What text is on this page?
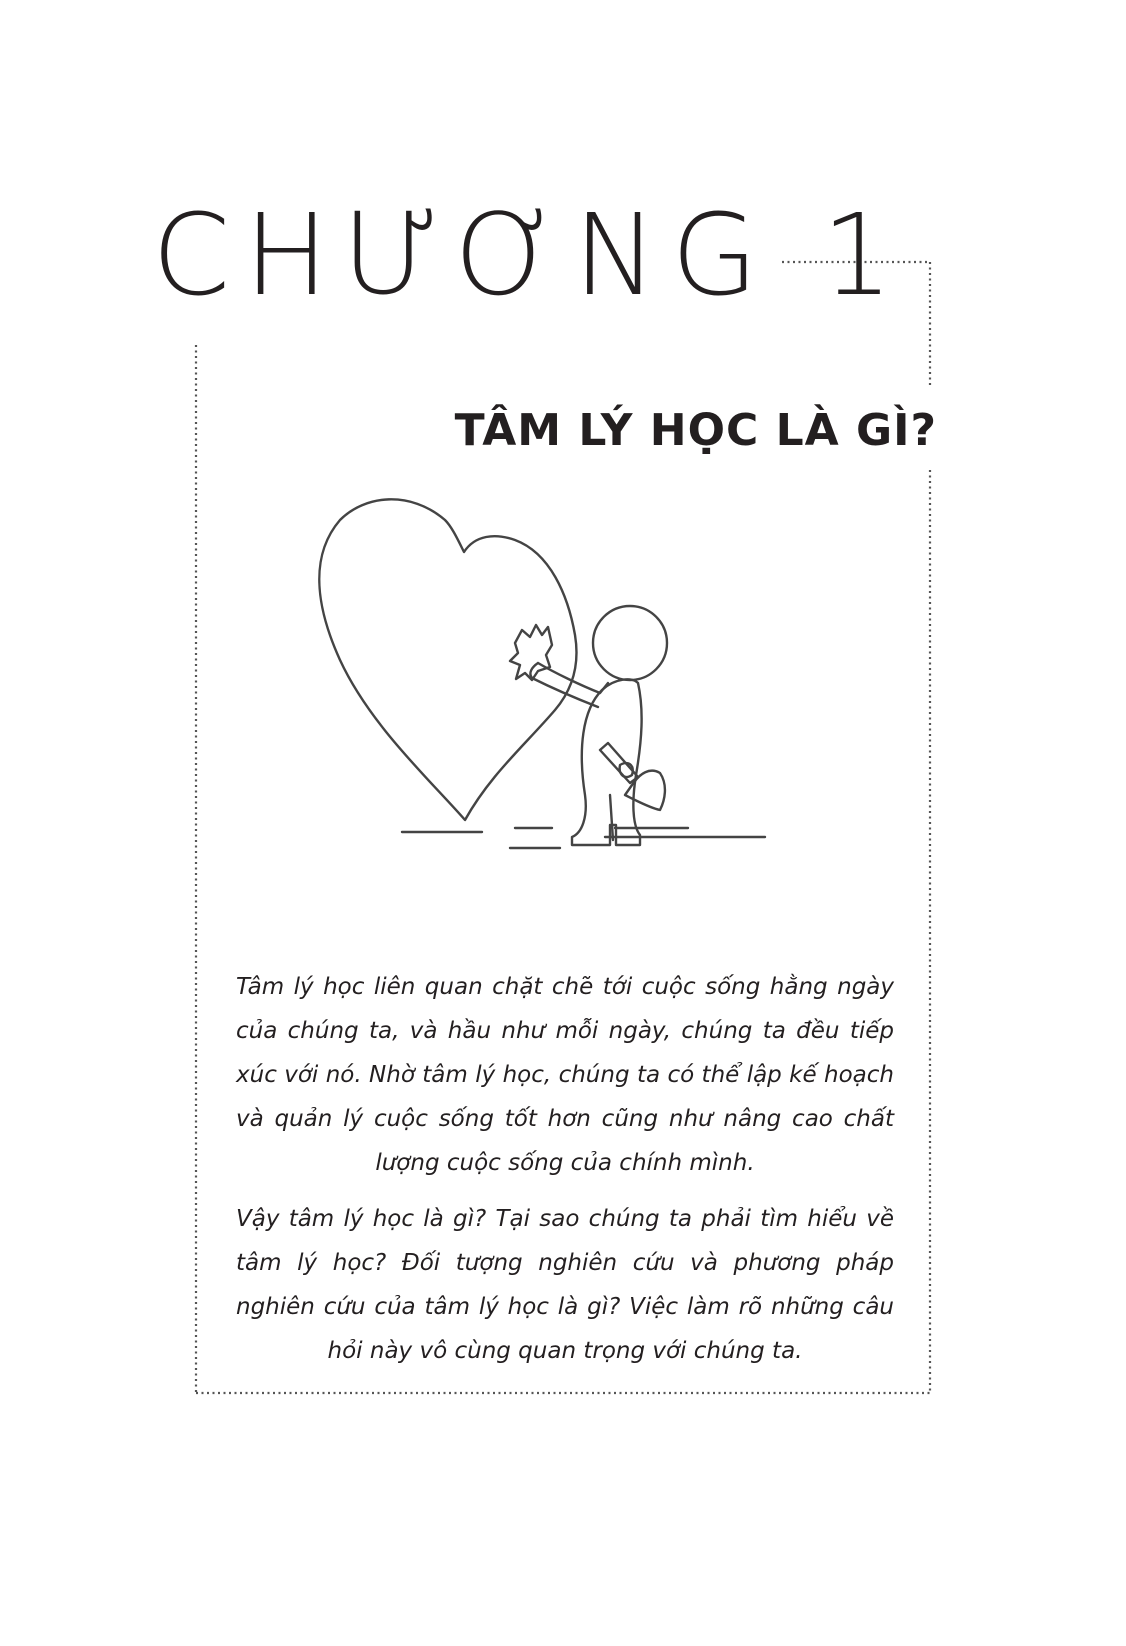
CHƯƠNG 1
TÂM LÝ HỌC LÀ GÌ?

Tâm lý học liên quan chặt chẽ tới cuộc sống hằng ngày của chúng ta, và hầu như mỗi ngày, chúng ta đều tiếp xúc với nó. Nhờ tâm lý học, chúng ta có thể lập kế hoạch và quản lý cuộc sống tốt hơn cũng như nâng cao chất lượng cuộc sống của chính mình.

Vậy tâm lý học là gì? Tại sao chúng ta phải tìm hiểu về tâm lý học? Đối tượng nghiên cứu và phương pháp nghiên cứu của tâm lý học là gì? Việc làm rõ những câu hỏi này vô cùng quan trọng với chúng ta.
